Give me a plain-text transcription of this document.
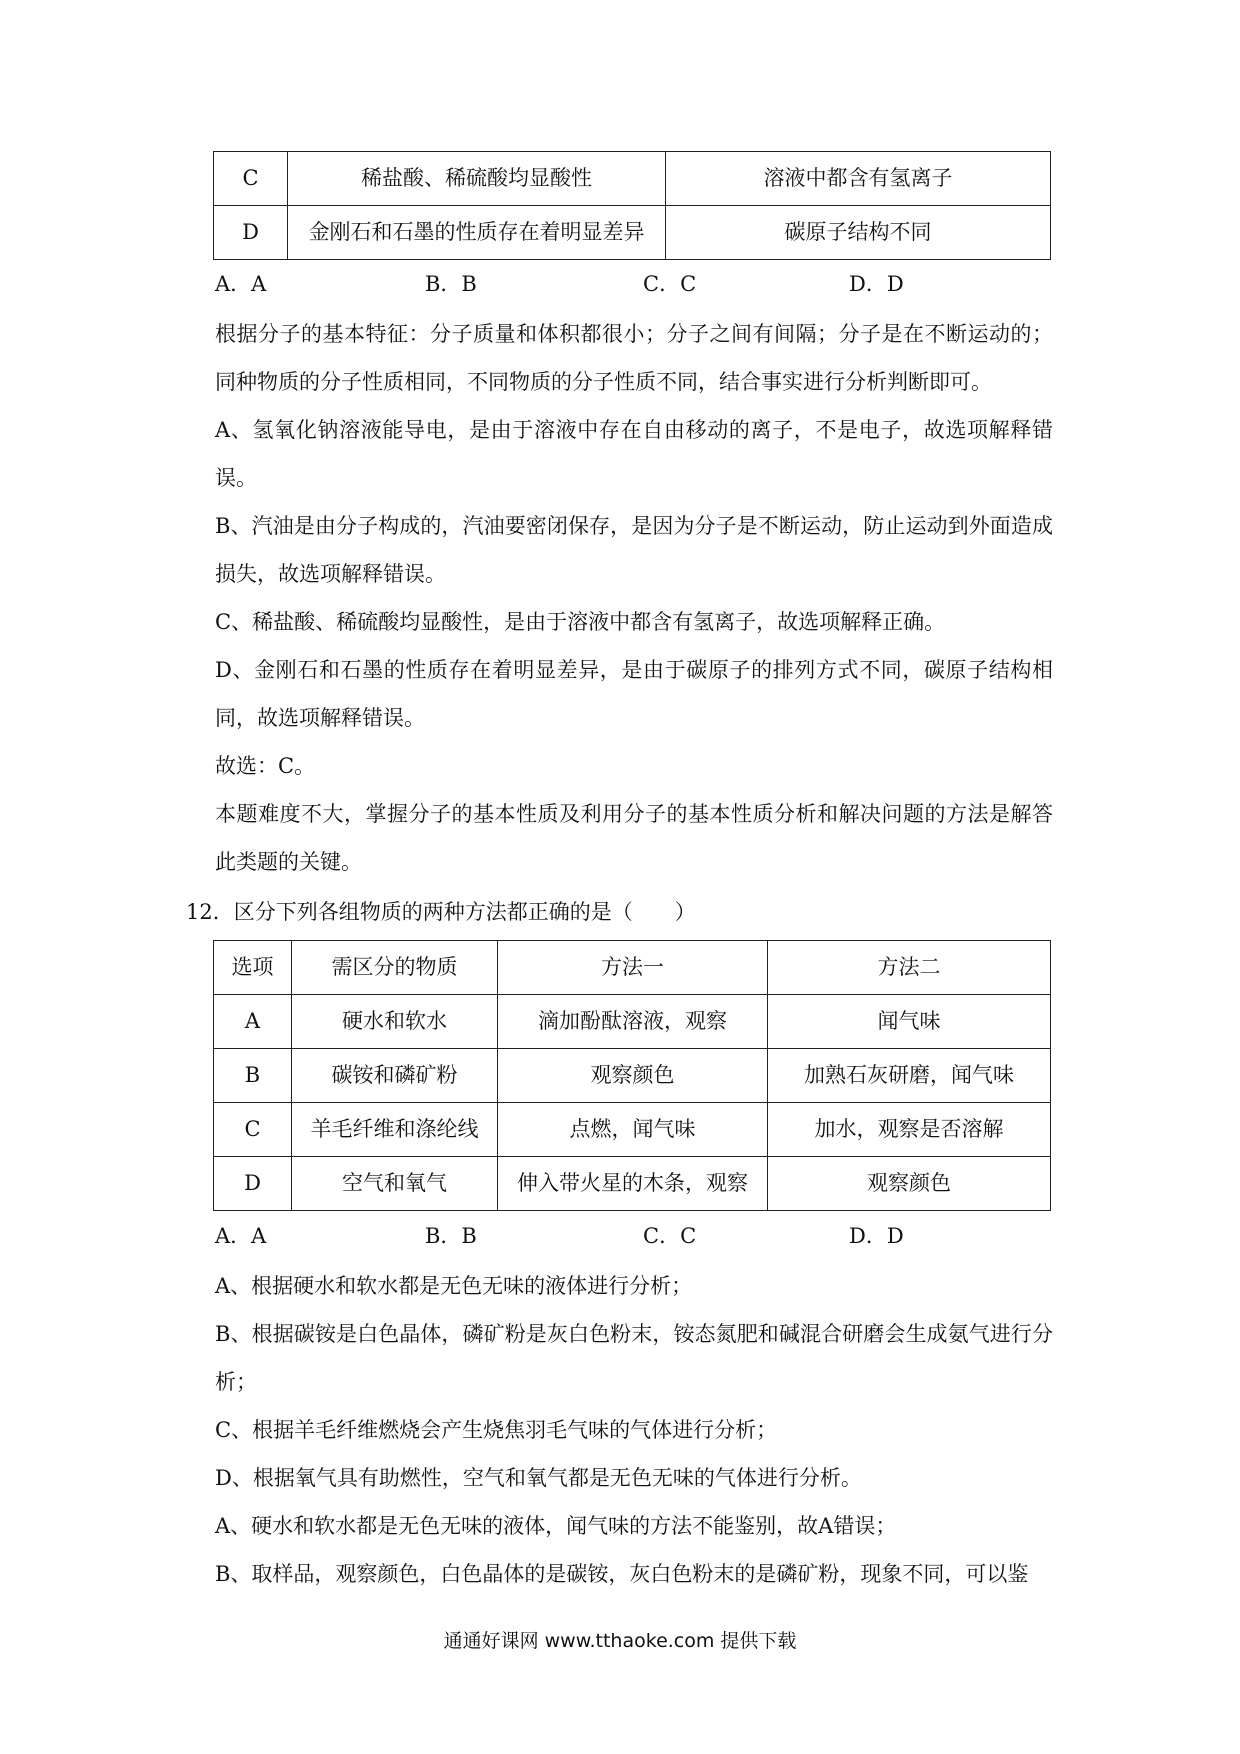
C	稀盐酸、稀硫酸均显酸性	溶液中都含有氢离子
D	金刚石和石墨的性质存在着明显差异	碳原子结构不同
A．A	B．B	C．C	D．D
根据分子的基本特征：分子质量和体积都很小；分子之间有间隔；分子是在不断运动的；同种物质的分子性质相同，不同物质的分子性质不同，结合事实进行分析判断即可。
A、氢氧化钠溶液能导电，是由于溶液中存在自由移动的离子，不是电子，故选项解释错误。
B、汽油是由分子构成的，汽油要密闭保存，是因为分子是不断运动，防止运动到外面造成损失，故选项解释错误。
C、稀盐酸、稀硫酸均显酸性，是由于溶液中都含有氢离子，故选项解释正确。
D、金刚石和石墨的性质存在着明显差异，是由于碳原子的排列方式不同，碳原子结构相同，故选项解释错误。
故选：C。
本题难度不大，掌握分子的基本性质及利用分子的基本性质分析和解决问题的方法是解答此类题的关键。
12．区分下列各组物质的两种方法都正确的是（　　）
选项	需区分的物质	方法一	方法二
A	硬水和软水	滴加酚酞溶液，观察	闻气味
B	碳铵和磷矿粉	观察颜色	加熟石灰研磨，闻气味
C	羊毛纤维和涤纶线	点燃，闻气味	加水，观察是否溶解
D	空气和氧气	伸入带火星的木条，观察	观察颜色
A．A	B．B	C．C	D．D
A、根据硬水和软水都是无色无味的液体进行分析；
B、根据碳铵是白色晶体，磷矿粉是灰白色粉末，铵态氮肥和碱混合研磨会生成氨气进行分析；
C、根据羊毛纤维燃烧会产生烧焦羽毛气味的气体进行分析；
D、根据氧气具有助燃性，空气和氧气都是无色无味的气体进行分析。
A、硬水和软水都是无色无味的液体，闻气味的方法不能鉴别，故A错误；
B、取样品，观察颜色，白色晶体的是碳铵，灰白色粉末的是磷矿粉，现象不同，可以鉴
通通好课网 www.tthaoke.com 提供下载
